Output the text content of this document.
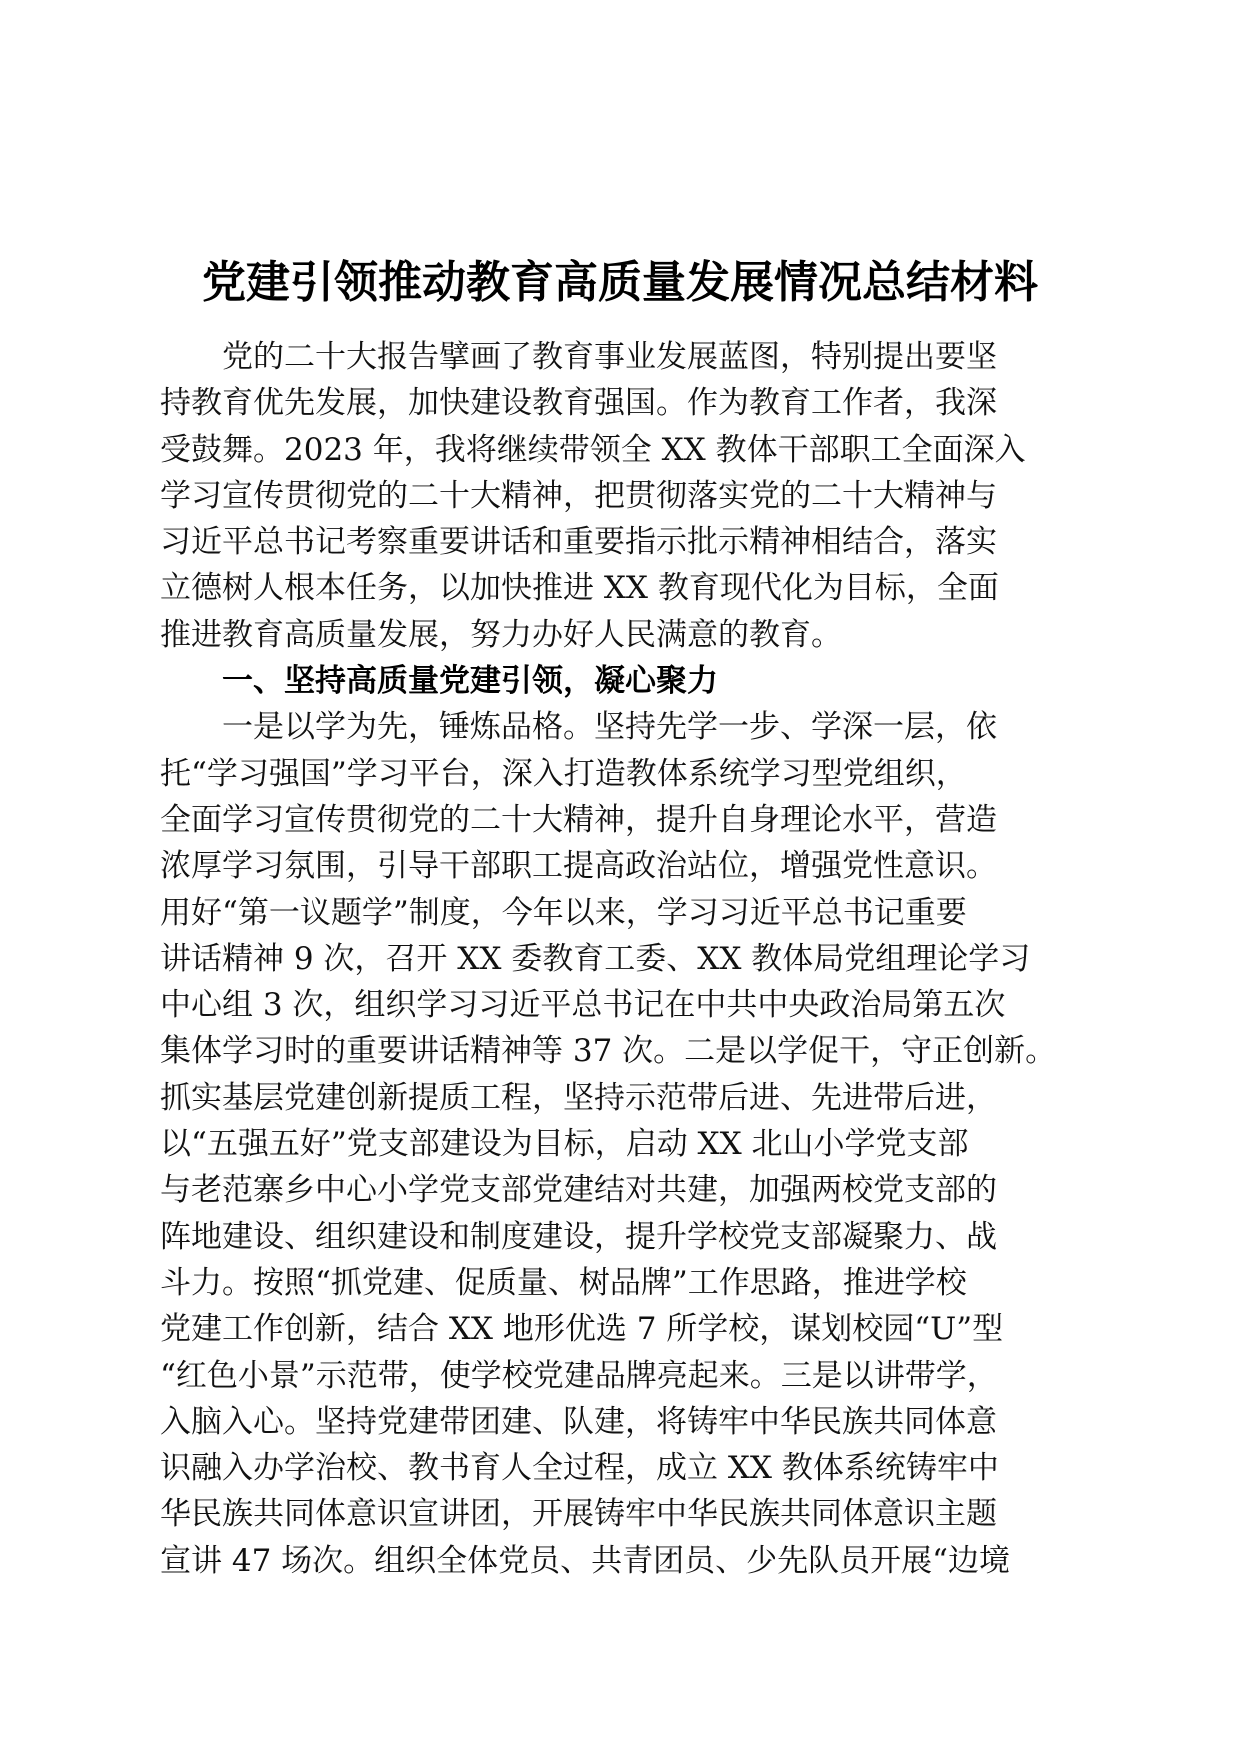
党建引领推动教育高质量发展情况总结材料
党的二十大报告擘画了教育事业发展蓝图，特别提出要坚
持教育优先发展，加快建设教育强国。作为教育工作者，我深
受鼓舞。2023 年，我将继续带领全 XX 教体干部职工全面深入
学习宣传贯彻党的二十大精神，把贯彻落实党的二十大精神与
习近平总书记考察重要讲话和重要指示批示精神相结合，落实
立德树人根本任务，以加快推进 XX 教育现代化为目标，全面
推进教育高质量发展，努力办好人民满意的教育。
一、坚持高质量党建引领，凝心聚力
一是以学为先，锤炼品格。坚持先学一步、学深一层，依
托“学习强国”学习平台，深入打造教体系统学习型党组织，
全面学习宣传贯彻党的二十大精神，提升自身理论水平，营造
浓厚学习氛围，引导干部职工提高政治站位，增强党性意识。
用好“第一议题学”制度，今年以来，学习习近平总书记重要
讲话精神 9 次，召开 XX 委教育工委、XX 教体局党组理论学习
中心组 3 次，组织学习习近平总书记在中共中央政治局第五次
集体学习时的重要讲话精神等 37 次。二是以学促干，守正创新。
抓实基层党建创新提质工程，坚持示范带后进、先进带后进，
以“五强五好”党支部建设为目标，启动 XX 北山小学党支部
与老范寨乡中心小学党支部党建结对共建，加强两校党支部的
阵地建设、组织建设和制度建设，提升学校党支部凝聚力、战
斗力。按照“抓党建、促质量、树品牌”工作思路，推进学校
党建工作创新，结合 XX 地形优选 7 所学校，谋划校园“U”型
“红色小景”示范带，使学校党建品牌亮起来。三是以讲带学，
入脑入心。坚持党建带团建、队建，将铸牢中华民族共同体意
识融入办学治校、教书育人全过程，成立 XX 教体系统铸牢中
华民族共同体意识宣讲团，开展铸牢中华民族共同体意识主题
宣讲 47 场次。组织全体党员、共青团员、少先队员开展“边境
